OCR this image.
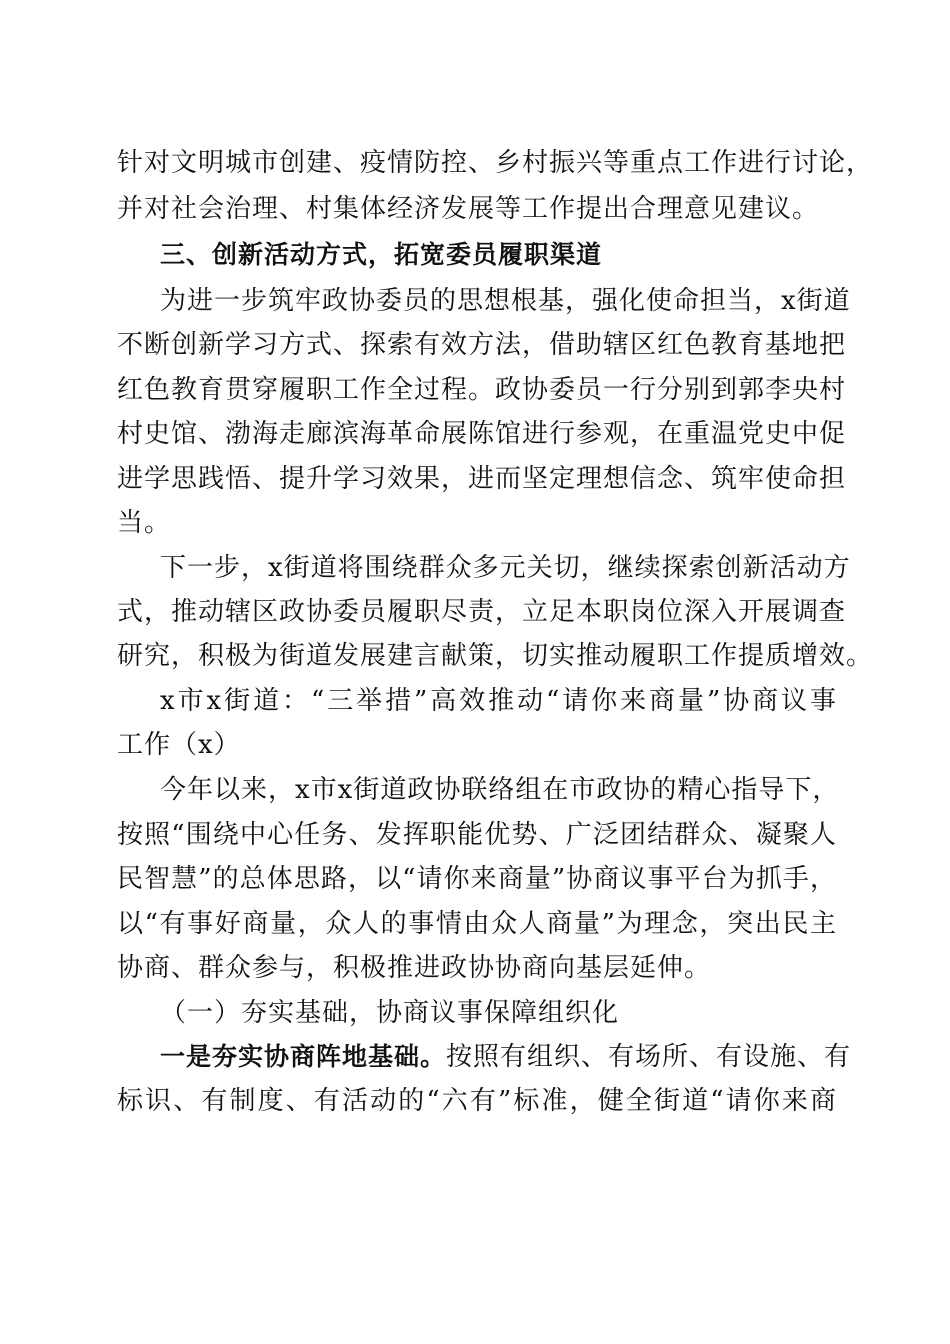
针对文明城市创建、疫情防控、乡村振兴等重点工作进行讨论，
并对社会治理、村集体经济发展等工作提出合理意见建议。
三、创新活动方式，拓宽委员履职渠道
为进一步筑牢政协委员的思想根基，强化使命担当，x街道
不断创新学习方式、探索有效方法，借助辖区红色教育基地把
红色教育贯穿履职工作全过程。政协委员一行分别到郭李央村
村史馆、渤海走廊滨海革命展陈馆进行参观，在重温党史中促
进学思践悟、提升学习效果，进而坚定理想信念、筑牢使命担
当。
下一步，x街道将围绕群众多元关切，继续探索创新活动方
式，推动辖区政协委员履职尽责，立足本职岗位深入开展调查
研究，积极为街道发展建言献策，切实推动履职工作提质增效。
x市x街道：“三举措”高效推动“请你来商量”协商议事
工作（x）
今年以来，x市x街道政协联络组在市政协的精心指导下，
按照“围绕中心任务、发挥职能优势、广泛团结群众、凝聚人
民智慧”的总体思路，以“请你来商量”协商议事平台为抓手，
以“有事好商量，众人的事情由众人商量”为理念，突出民主
协商、群众参与，积极推进政协协商向基层延伸。
（一）夯实基础，协商议事保障组织化
一是夯实协商阵地基础。按照有组织、有场所、有设施、有
标识、有制度、有活动的“六有”标准，健全街道“请你来商
